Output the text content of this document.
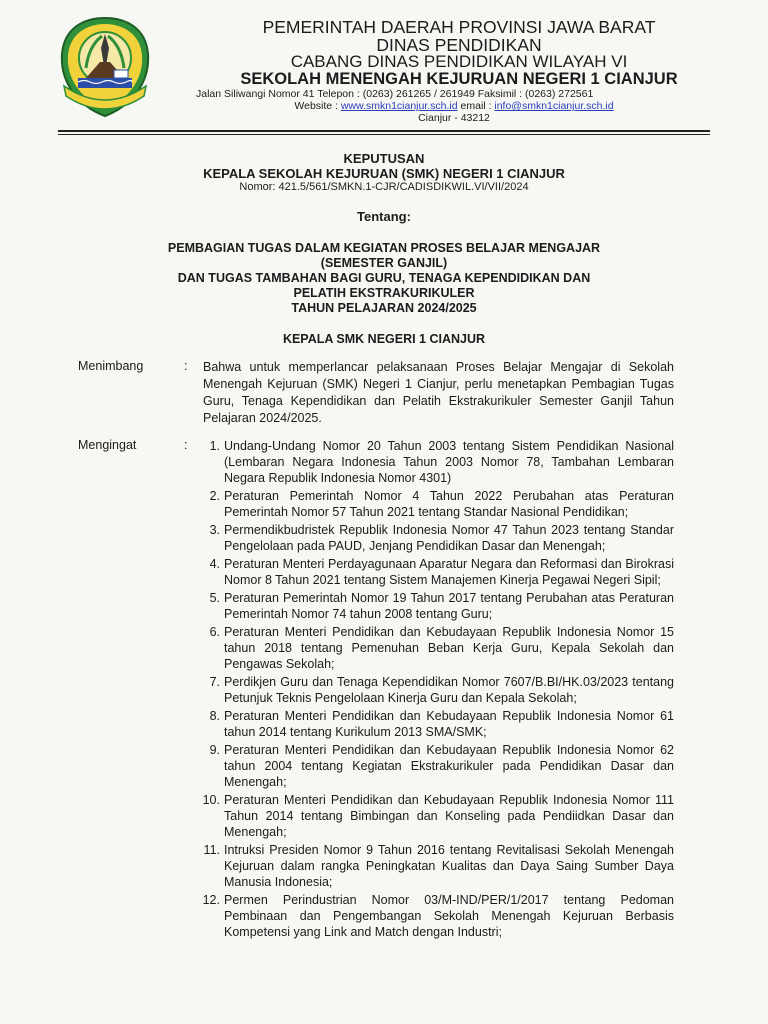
PEMERINTAH DAERAH PROVINSI JAWA BARAT
DINAS PENDIDIKAN
CABANG DINAS PENDIDIKAN WILAYAH VI
SEKOLAH MENENGAH KEJURUAN NEGERI 1 CIANJUR
Jalan Siliwangi Nomor 41 Telepon : (0263) 261265 / 261949 Faksimil : (0263) 272561
Website : www.smkn1cianjur.sch.id email : info@smkn1cianjur.sch.id
Cianjur - 43212
KEPUTUSAN
KEPALA SEKOLAH KEJURUAN (SMK) NEGERI 1 CIANJUR
Nomor: 421.5/561/SMKN.1-CJR/CADISDIKWIL.VI/VII/2024
Tentang:
PEMBAGIAN TUGAS DALAM KEGIATAN PROSES BELAJAR MENGAJAR
(SEMESTER GANJIL)
DAN TUGAS TAMBAHAN BAGI GURU, TENAGA KEPENDIDIKAN DAN
PELATIH EKSTRAKURIKULER
TAHUN PELAJARAN 2024/2025
KEPALA SMK NEGERI 1 CIANJUR
Menimbang	: Bahwa untuk memperlancar pelaksanaan Proses Belajar Mengajar di Sekolah Menengah Kejuruan (SMK) Negeri 1 Cianjur, perlu menetapkan Pembagian Tugas Guru, Tenaga Kependidikan dan Pelatih Ekstrakurikuler Semester Ganjil Tahun Pelajaran 2024/2025.

Mengingat	:	1. Undang-Undang Nomor 20 Tahun 2003 tentang Sistem Pendidikan Nasional (Lembaran Negara Indonesia Tahun 2003 Nomor 78, Tambahan Lembaran Negara Republik Indonesia Nomor 4301)
2. Peraturan Pemerintah Nomor 4 Tahun 2022 Perubahan atas Peraturan Pemerintah Nomor 57 Tahun 2021 tentang Standar Nasional Pendidikan;
3. Permendikbudristek Republik Indonesia Nomor 47 Tahun 2023 tentang Standar Pengelolaan pada PAUD, Jenjang Pendidikan Dasar dan Menengah;
4. Peraturan Menteri Perdayagunaan Aparatur Negara dan Reformasi dan Birokrasi Nomor 8 Tahun 2021 tentang Sistem Manajemen Kinerja Pegawai Negeri Sipil;
5. Peraturan Pemerintah Nomor 19 Tahun 2017 tentang Perubahan atas Peraturan Pemerintah Nomor 74 tahun 2008 tentang Guru;
6. Peraturan Menteri Pendidikan dan Kebudayaan Republik Indonesia Nomor 15 tahun 2018 tentang Pemenuhan Beban Kerja Guru, Kepala Sekolah dan Pengawas Sekolah;
7. Perdikjen Guru dan Tenaga Kependidikan Nomor 7607/B.BI/HK.03/2023 tentang Petunjuk Teknis Pengelolaan Kinerja Guru dan Kepala Sekolah;
8. Peraturan Menteri Pendidikan dan Kebudayaan Republik Indonesia Nomor 61 tahun 2014 tentang Kurikulum 2013 SMA/SMK;
9. Peraturan Menteri Pendidikan dan Kebudayaan Republik Indonesia Nomor 62 tahun 2004 tentang Kegiatan Ekstrakurikuler pada Pendidikan Dasar dan Menengah;
10. Peraturan Menteri Pendidikan dan Kebudayaan Republik Indonesia Nomor 111 Tahun 2014 tentang Bimbingan dan Konseling pada Pendiidkan Dasar dan Menengah;
11. Intruksi Presiden Nomor 9 Tahun 2016 tentang Revitalisasi Sekolah Menengah Kejuruan dalam rangka Peningkatan Kualitas dan Daya Saing Sumber Daya Manusia Indonesia;
12. Permen Perindustrian Nomor 03/M-IND/PER/1/2017 tentang Pedoman Pembinaan dan Pengembangan Sekolah Menengah Kejuruan Berbasis Kompetensi yang Link and Match dengan Industri;
